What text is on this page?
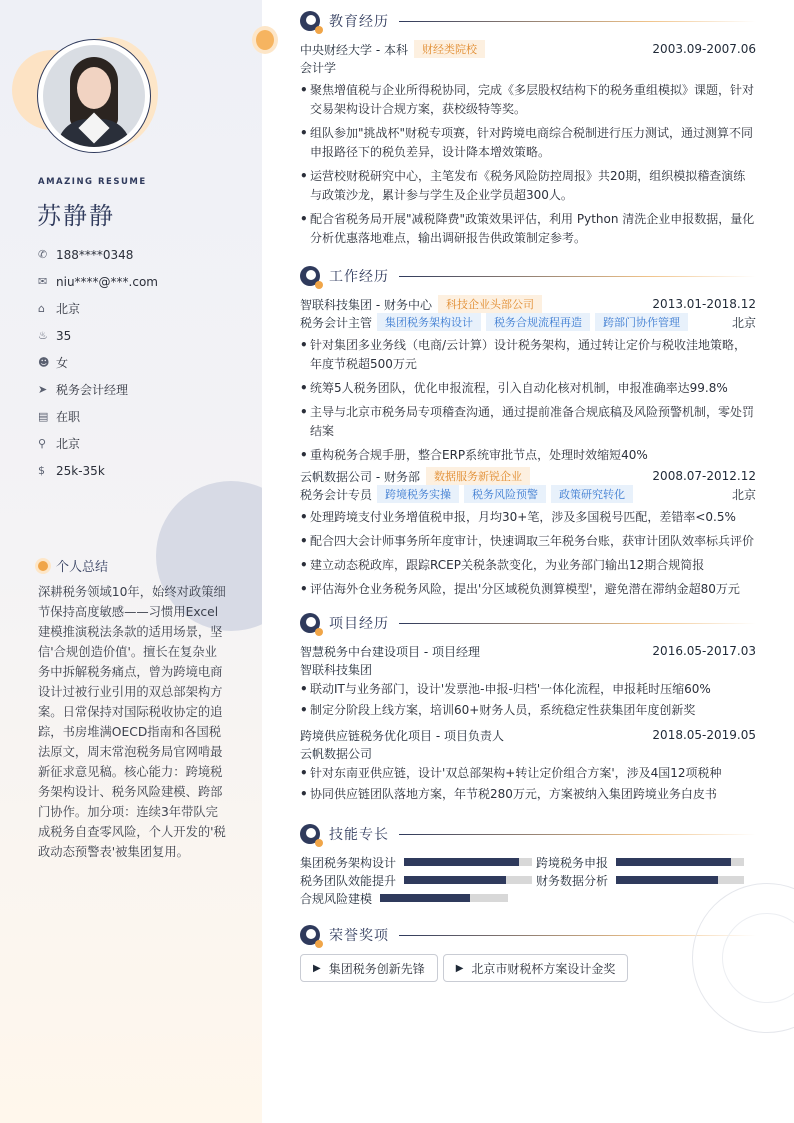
AMAZING RESUME
苏静静
✆ 188****0348
✉ niu****@***.com
⌂ 北京
♨ 35
☻ 女
➤ 税务会计经理
▤ 在职
⚲ 北京
$ 25k-35k
个人总结
深耕税务领域10年，始终对政策细节保持高度敏感——习惯用Excel建模推演税法条款的适用场景，坚信'合规创造价值'。擅长在复杂业务中拆解税务痛点，曾为跨境电商设计过被行业引用的双总部架构方案。日常保持对国际税收协定的追踪，书房堆满OECD指南和各国税法原文，周末常泡税务局官网啃最新征求意见稿。核心能力：跨境税务架构设计、税务风险建模、跨部门协作。加分项：连续3年带队完成税务自查零风险，个人开发的'税政动态预警表'被集团复用。
教育经历
中央财经大学 - 本科	财经类院校	2003.09-2007.06
会计学
• 聚焦增值税与企业所得税协同，完成《多层股权结构下的税务重组模拟》课题，针对交易架构设计合规方案，获校级特等奖。
• 组队参加"挑战杯"财税专项赛，针对跨境电商综合税制进行压力测试，通过测算不同申报路径下的税负差异，设计降本增效策略。
• 运营校财税研究中心，主笔发布《税务风险防控周报》共20期，组织模拟稽查演练与政策沙龙，累计参与学生及企业学员超300人。
• 配合省税务局开展"减税降费"政策效果评估，利用 Python 清洗企业申报数据，量化分析优惠落地难点，输出调研报告供政策制定参考。
工作经历
智联科技集团 - 财务中心	科技企业头部公司	2013.01-2018.12
税务会计主管	集团税务架构设计	税务合规流程再造	跨部门协作管理	北京
• 针对集团多业务线（电商/云计算）设计税务架构，通过转让定价与税收洼地策略，年度节税超500万元
• 统筹5人税务团队，优化申报流程，引入自动化核对机制，申报准确率达99.8%
• 主导与北京市税务局专项稽查沟通，通过提前准备合规底稿及风险预警机制，零处罚结案
• 重构税务合规手册，整合ERP系统审批节点，处理时效缩短40%
云帆数据公司 - 财务部	数据服务新锐企业	2008.07-2012.12
税务会计专员	跨境税务实操	税务风险预警	政策研究转化	北京
• 处理跨境支付业务增值税申报，月均30+笔，涉及多国税号匹配，差错率<0.5%
• 配合四大会计师事务所年度审计，快速调取三年税务台账，获审计团队效率标兵评价
• 建立动态税政库，跟踪RCEP关税条款变化，为业务部门输出12期合规简报
• 评估海外仓业务税务风险，提出'分区域税负测算模型'，避免潜在滞纳金超80万元
项目经历
智慧税务中台建设项目 - 项目经理	2016.05-2017.03
智联科技集团
• 联动IT与业务部门，设计'发票池-申报-归档'一体化流程，申报耗时压缩60%
• 制定分阶段上线方案，培训60+财务人员，系统稳定性获集团年度创新奖
跨境供应链税务优化项目 - 项目负责人	2018.05-2019.05
云帆数据公司
• 针对东南亚供应链，设计'双总部架构+转让定价组合方案'，涉及4国12项税种
• 协同供应链团队落地方案，年节税280万元，方案被纳入集团跨境业务白皮书
技能专长
集团税务架构设计	跨境税务申报
税务团队效能提升	财务数据分析
合规风险建模
荣誉奖项
▶ 集团税务创新先锋	▶ 北京市财税杯方案设计金奖
